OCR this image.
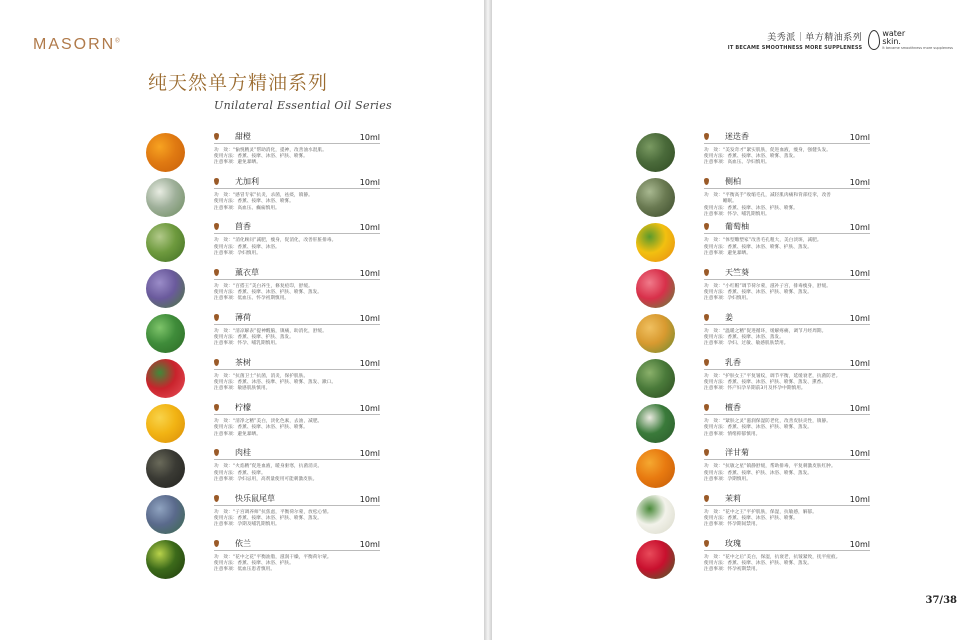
MASORN®
纯天然单方精油系列
Unilateral Essential Oil Series
甜橙	10ml
功　效：“愉悦精灵”帮助消化，提神，改善油水混肌。
使用方法：香薰、按摩、沐浴、护肤、喷雾。
注意事项：避免暴晒。
尤加利	10ml
功　效：“感冒专家”抗炎，杀菌，祛痰，镇静。
使用方法：香薰、按摩、沐浴、喷雾。
注意事项：高血压、癫痫慎用。
茴香	10ml
功　效：“消化顾问”减肥，瘦身，促消化，改善肝脏排毒。
使用方法：香薰、按摩、沐浴。
注意事项：孕妇慎用。
薰衣草	10ml
功　效：“百搭王”美白养生，修复痘印，舒缓。
使用方法：香薰、按摩、沐浴、护肤、喷雾、蒸发。
注意事项：低血压、怀孕初期慎用。
薄荷	10ml
功　效：“清凉解表”提神醒脑，镇痛，助消化，舒缓。
使用方法：香薰、按摩、护肤、蒸发。
注意事项：怀孕、哺乳期慎用。
茶树	10ml
功　效：“抗菌卫士”抗菌，消炎，保护肌肤。
使用方法：香薰、沐浴、按摩、护肤、喷雾、蒸发、漱口。
注意事项：敏感肌肤慎用。
柠檬	10ml
功　效：“清净之精”美白，淡化色素，去油，减肥。
使用方法：香薰、按摩、沐浴、护肤、喷雾。
注意事项：避免暴晒。
肉桂	10ml
功　效：“火焰精”促进血液，暖身驱寒，抗菌消炎。
使用方法：香薰、按摩。
注意事项：孕妇忌用，高剂量使用可能刺激皮肤。
快乐鼠尾草	10ml
功　效：“子宫调养师”抗焦虑，平衡荷尔蒙，放松心情。
使用方法：香薰、按摩、沐浴、护肤、喷雾、蒸发。
注意事项：孕期及哺乳期慎用。
依兰	10ml
功　效：“花中之花”平衡油脂，滋润干燥，平衡荷尔蒙。
使用方法：香薰、按摩、沐浴、护肤。
注意事项：低血压患者慎用。
美秀派｜单方精油系列
IT BECAME SMOOTHNESS MORE SUPPLENESS
water
skin.
It became smoothness more suppleness
迷迭香	10ml
功　效：“美发奇才”紧实肌肤，促进血液，瘦身，强健头发。
使用方法：香薰、按摩、沐浴、喷雾、蒸发。
注意事项：高血压、孕妇慎用。
侧柏	10ml
功　效：“平衡高手”收缩毛孔，减轻肌肉痛和背部痉挛，改善
　　　　睡眠。
使用方法：香薰、按摩、沐浴、护肤、喷雾。
注意事项：怀孕、哺乳期慎用。
葡萄柚	10ml
功　效：“体型雕塑家”改善毛孔粗大，美白淡斑，减肥。
使用方法：香薰、按摩、沐浴、喷雾、护肤、蒸发。
注意事项：避免暴晒。
天竺葵	10ml
功　效：“小红帽”调节荷尔蒙，滋补子宫，排毒瘦身，舒缓。
使用方法：香薰、按摩、沐浴、护肤、喷雾、蒸发。
注意事项：孕妇慎用。
姜	10ml
功　效：“温暖之精”促进循环，缓解疼痛，调节月经周期。
使用方法：香薰、按摩、沐浴、蒸发。
注意事项：孕妇、过敏、敏感肌肤禁用。
乳香	10ml
功　效：“护肤女王”平复皱纹，调节平衡，延缓衰老，抗菌防老。
使用方法：香薰、按摩、沐浴、护肤、喷雾、蒸发、熏香。
注意事项：怀产妇孕早期前3月及怀孕中期慎用。
檀香	10ml
功　效：“紧肤之灵”滋润保湿防老化，改善皮肤炎性，镇静。
使用方法：香薰、按摩、沐浴、护肤、喷雾、蒸发。
注意事项：情绪抑郁慎用。
洋甘菊	10ml
功　效：“抗敏之星”镇静舒缓，帮助排毒，平复刺激皮肤红肿。
使用方法：香薰、按摩、护肤、沐浴、喷雾、蒸发。
注意事项：孕期慎用。
茉莉	10ml
功　效：“花中之王”平护肌肤，保湿，抗敏感，解郁。
使用方法：香薰、按摩、沐浴、护肤、喷雾。
注意事项：怀孕期间禁用。
玫瑰	10ml
功　效：“花中之后”美白，保湿，抗衰老，抗皱紧致，抚平痘痕。
使用方法：香薰、按摩、沐浴、护肤、喷雾、蒸发。
注意事项：怀孕初期禁用。
37/38
